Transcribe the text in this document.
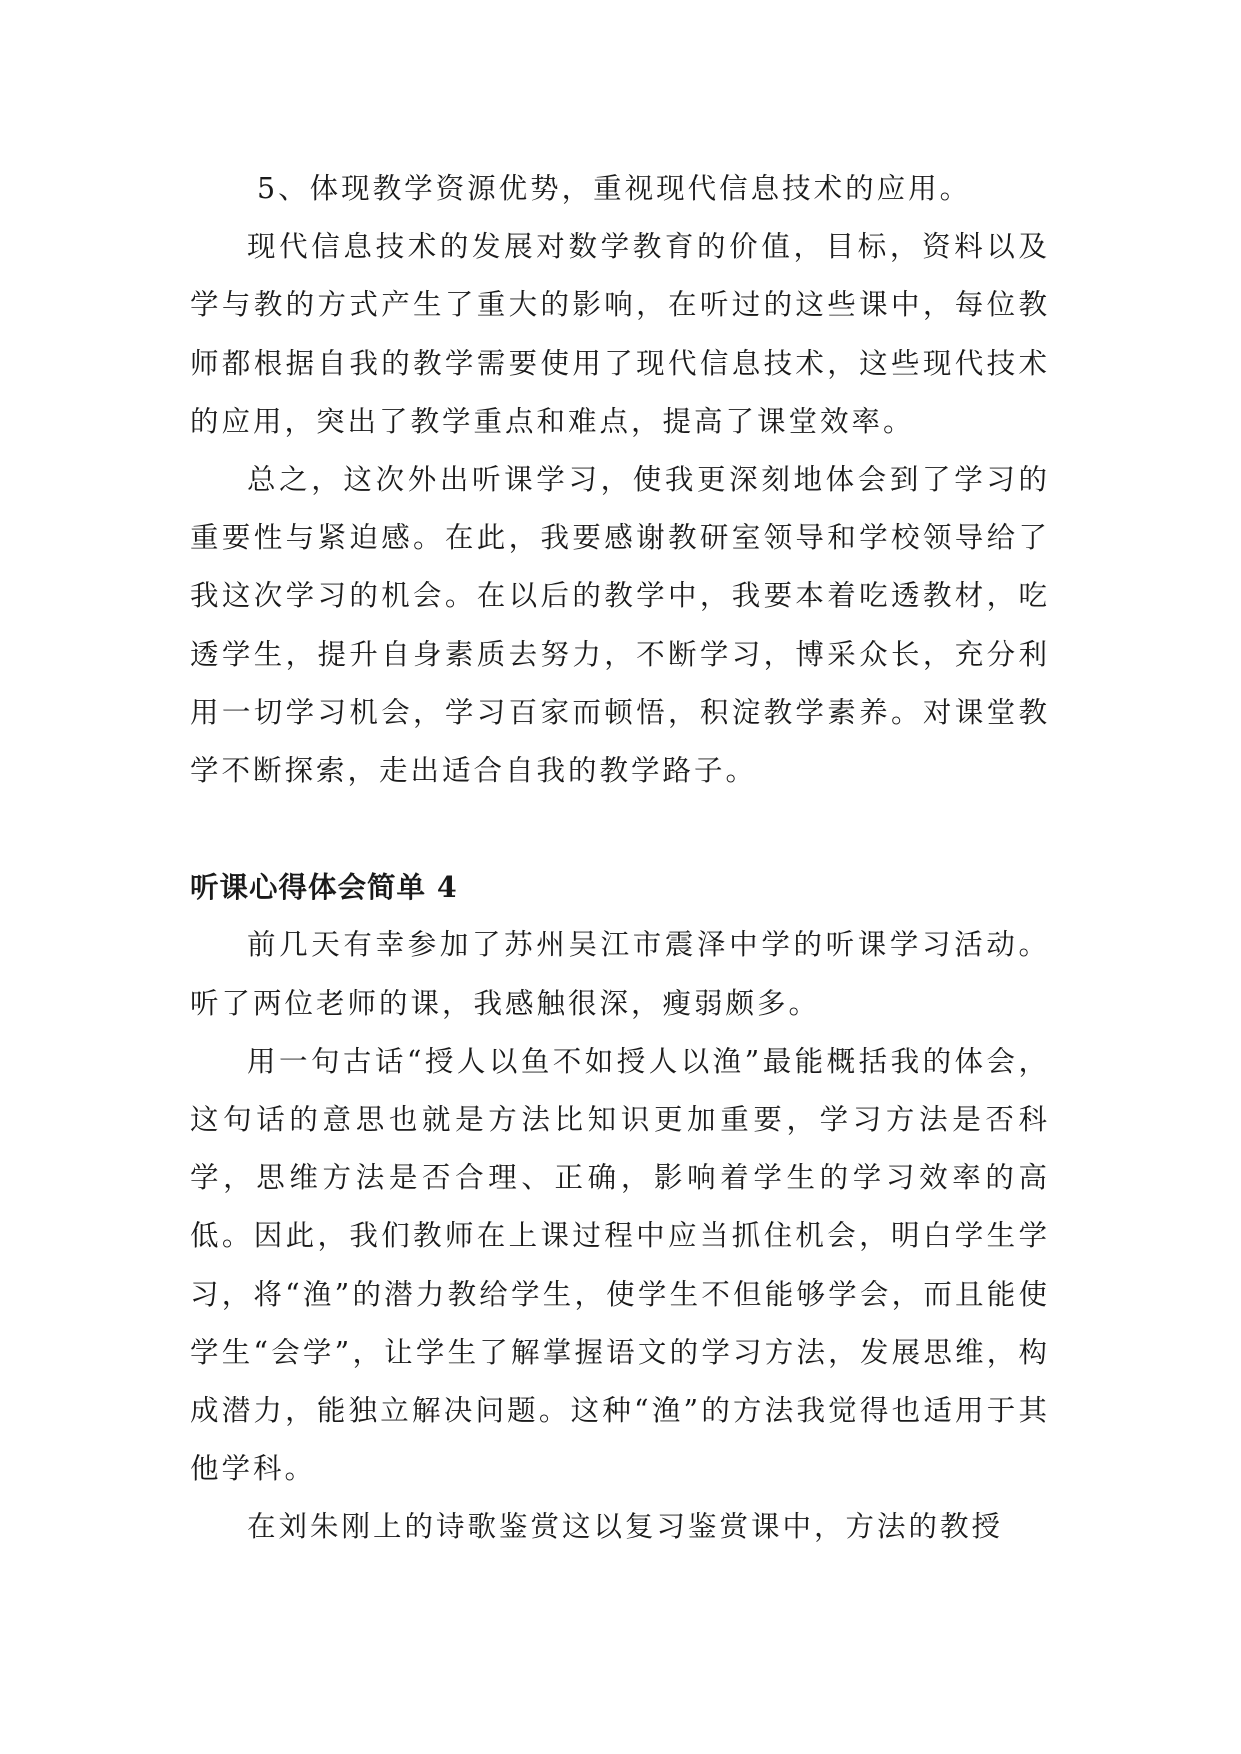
5、体现教学资源优势，重视现代信息技术的应用。

现代信息技术的发展对数学教育的价值，目标，资料以及学与教的方式产生了重大的影响，在听过的这些课中，每位教师都根据自我的教学需要使用了现代信息技术，这些现代技术的应用，突出了教学重点和难点，提高了课堂效率。

总之，这次外出听课学习，使我更深刻地体会到了学习的重要性与紧迫感。在此，我要感谢教研室领导和学校领导给了我这次学习的机会。在以后的教学中，我要本着吃透教材，吃透学生，提升自身素质去努力，不断学习，博采众长，充分利用一切学习机会，学习百家而顿悟，积淀教学素养。对课堂教学不断探索，走出适合自我的教学路子。

听课心得体会简单 4

前几天有幸参加了苏州吴江市震泽中学的听课学习活动。听了两位老师的课，我感触很深，瘦弱颇多。

用一句古话“授人以鱼不如授人以渔”最能概括我的体会，这句话的意思也就是方法比知识更加重要，学习方法是否科学，思维方法是否合理、正确，影响着学生的学习效率的高低。因此，我们教师在上课过程中应当抓住机会，明白学生学习，将“渔”的潜力教给学生，使学生不但能够学会，而且能使学生“会学”，让学生了解掌握语文的学习方法，发展思维，构成潜力，能独立解决问题。这种“渔”的方法我觉得也适用于其他学科。

在刘朱刚上的诗歌鉴赏这以复习鉴赏课中，方法的教授
